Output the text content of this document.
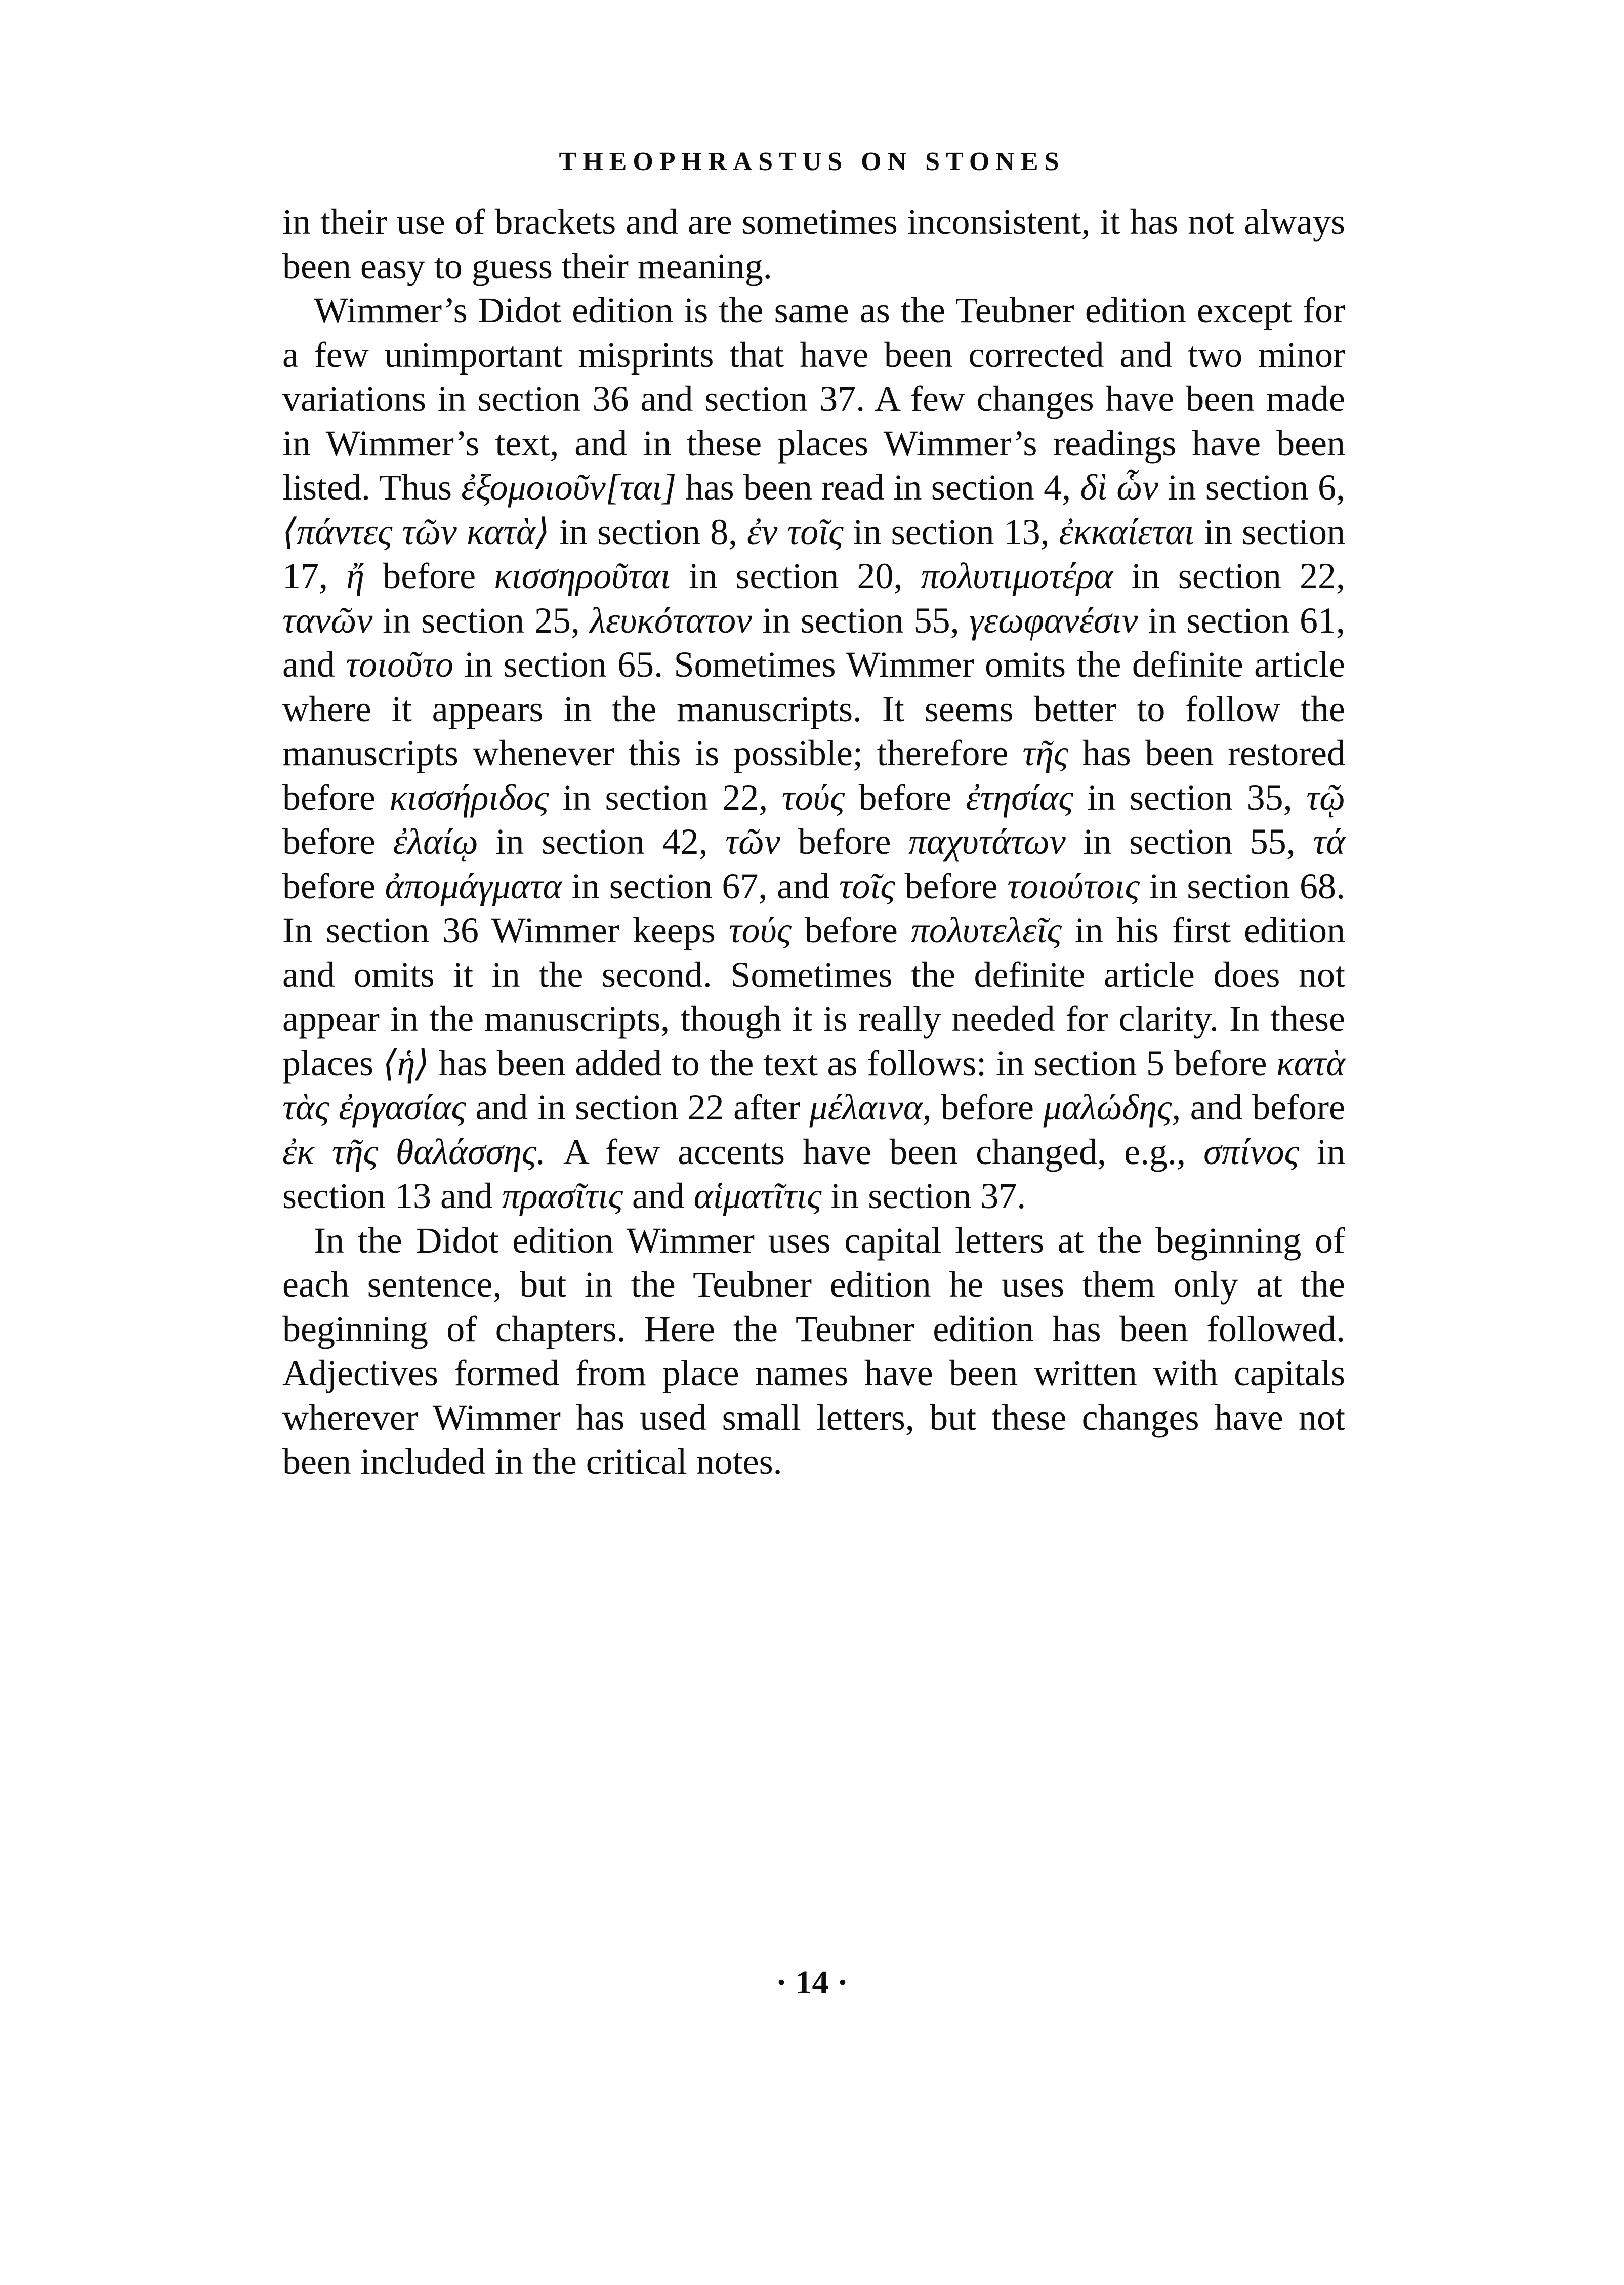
THEOPHRASTUS ON STONES

in their use of brackets and are sometimes inconsistent, it has not always been easy to guess their meaning.

Wimmer’s Didot edition is the same as the Teubner edition except for a few unimportant misprints that have been corrected and two minor variations in section 36 and section 37. A few changes have been made in Wimmer’s text, and in these places Wimmer’s readings have been listed. Thus ἐξομοιοῦν[ται] has been read in section 4, δὶ ὧν in section 6, ⟨πάντες τῶν κατὰ⟩ in section 8, ἐν τοῖς in section 13, ἐκκαίεται in section 17, ἤ before κισσηροῦται in section 20, πολυτιμοτέρα in section 22, τανῶν in section 25, λευκότατον in section 55, γεωφανέσιν in section 61, and τοιοῦτο in section 65. Sometimes Wimmer omits the definite article where it appears in the manuscripts. It seems better to follow the manuscripts whenever this is possible; therefore τῆς has been restored before κισσήριδος in section 22, τούς before ἐτησίας in section 35, τῷ before ἐλαίῳ in section 42, τῶν before παχυτάτων in section 55, τά before ἀπομάγματα in section 67, and τοῖς before τοιούτοις in section 68. In section 36 Wimmer keeps τούς before πολυτελεῖς in his first edition and omits it in the second. Sometimes the definite article does not appear in the manuscripts, though it is really needed for clarity. In these places ⟨ἡ⟩ has been added to the text as follows: in section 5 before κατὰ τὰς ἐργασίας and in section 22 after μέλαινα, before μαλώδης, and before ἐκ τῆς θαλάσσης. A few accents have been changed, e.g., σπίνος in section 13 and πρασῖτις and αἱματῖτις in section 37.

In the Didot edition Wimmer uses capital letters at the beginning of each sentence, but in the Teubner edition he uses them only at the beginning of chapters. Here the Teubner edition has been followed. Adjectives formed from place names have been written with capitals wherever Wimmer has used small letters, but these changes have not been included in the critical notes.

· 14 ·
